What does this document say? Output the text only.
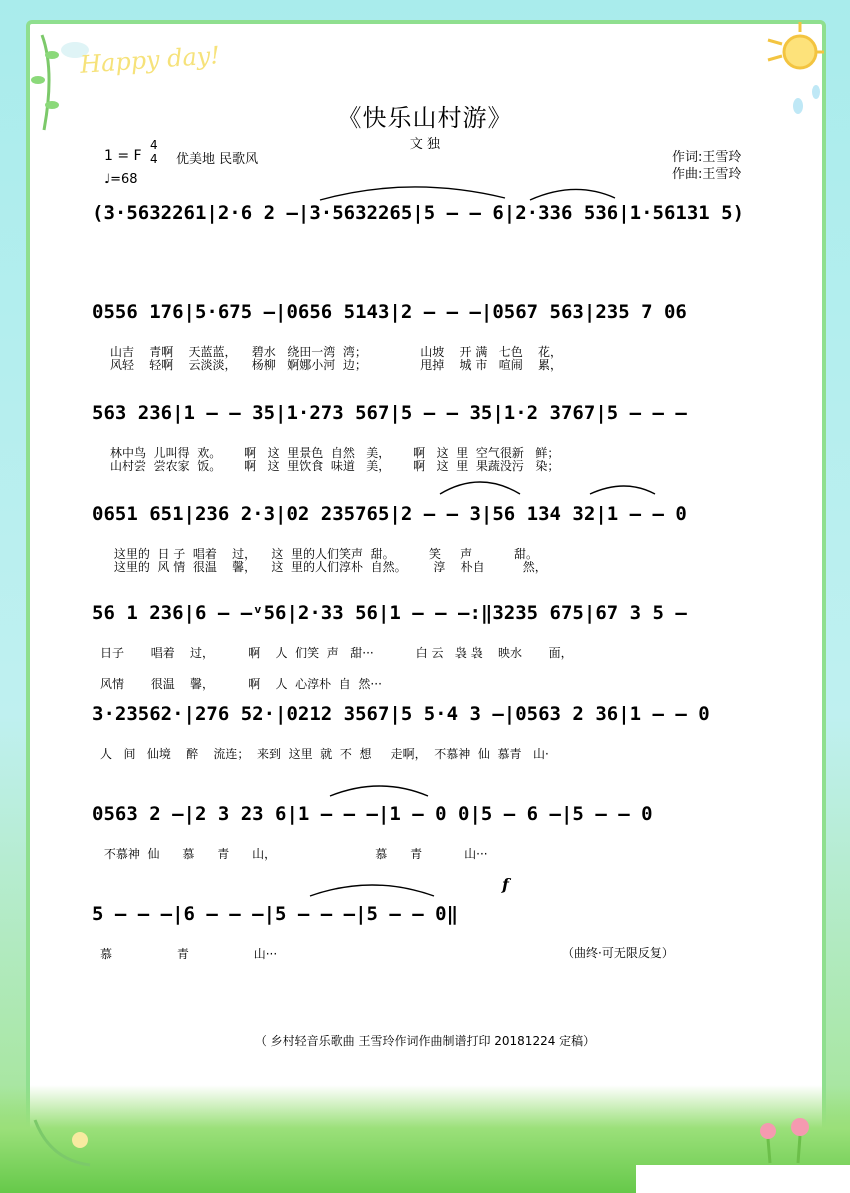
Happy day!
《快乐山村游》
文 独
1 = F
4
4 优美地 民歌风
♩=68
作词:王雪玲
作曲:王雪玲
(3·5632261|2·6 2 –|3·5632265|5 – – 6|2·336 536|1·56131 5)
0556 176|5·675 –|0656 5143|2 – – –|0567 563|235 7 06
山吉    青啊    天蓝蓝，    碧水   绕田一湾  湾；              山坡    开 满   七色    花，
风轻    轻啊    云淡淡，    杨柳   婀娜小河  边；              甩掉    城 市   喧闹    累，
563 236|1 – – 35|1·273 567|5 – – 35|1·2 3767|5 – – –
林中鸟  儿叫得  欢。      啊   这  里景色  自然   美，      啊   这  里  空气很新   鲜；
山村尝  尝农家  饭。      啊   这  里饮食  味道   美，      啊   这  里  果蔬没污   染；
0651 651|236 2·3|02 235765|2 – – 3|56 134 32|1 – – 0
这里的  日 子  唱着    过，    这  里的人们笑声  甜。         笑     声           甜。
这里的  风 情  很温    馨，    这  里的人们淳朴  自然。       淳    朴自          然，
56 1 236|6 – –ᵛ56|2·33 56|1 – – –:‖3235 675|67 3 5 –
日子       唱着    过，         啊    人  们笑  声   甜···           白 云   袅 袅    映水       面，
风情       很温    馨，         啊    人  心淳朴  自  然···
3·23562·|276 52·|0212 3567|5 5·4 3 –|0563 2 36|1 – – 0
人   间   仙境    醉    流连；  来到  这里  就  不  想     走啊，  不慕神  仙  慕青   山·
0563 2 –|2 3 23 6|1 – – –|1 – 0 0|5 – 6 –|5 – – 0
不慕神  仙      慕      青      山，                          慕      青           山···
5 – – –|6 – – –|5 – – –|5 – – 0‖
慕                 青                 山···
f
（曲终·可无限反复）
（ 乡村轻音乐歌曲 王雪玲作词作曲制谱打印 20181224 定稿）
